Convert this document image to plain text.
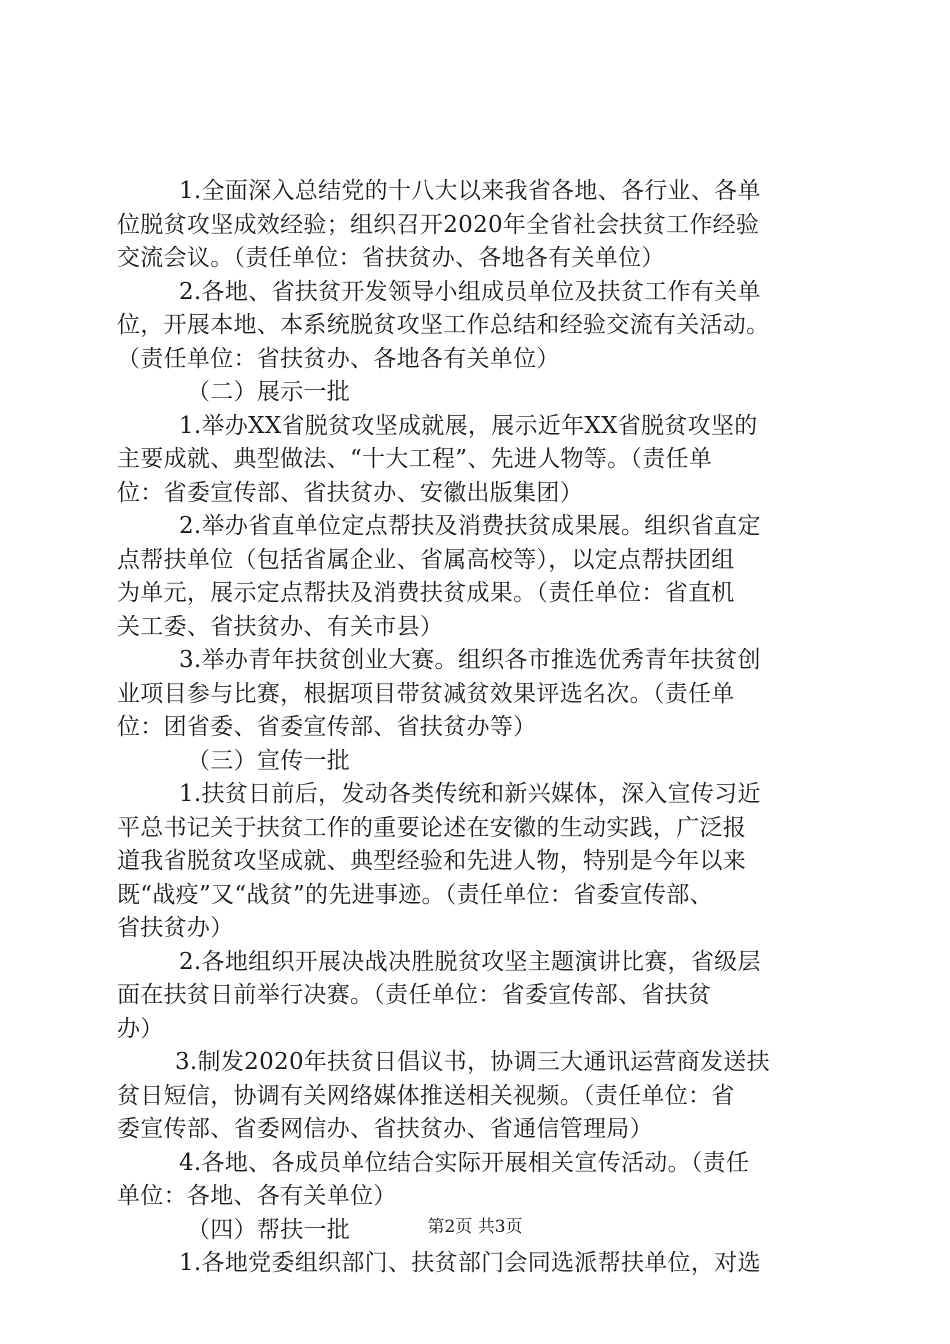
1.全面深入总结党的十八大以来我省各地、各行业、各单
位脱贫攻坚成效经验；组织召开2020年全省社会扶贫工作经验
交流会议。（责任单位：省扶贫办、各地各有关单位）
2.各地、省扶贫开发领导小组成员单位及扶贫工作有关单
位，开展本地、本系统脱贫攻坚工作总结和经验交流有关活动。
（责任单位：省扶贫办、各地各有关单位）
（二）展示一批
1.举办XX省脱贫攻坚成就展，展示近年XX省脱贫攻坚的
主要成就、典型做法、“十大工程”、先进人物等。（责任单
位：省委宣传部、省扶贫办、安徽出版集团）
2.举办省直单位定点帮扶及消费扶贫成果展。组织省直定
点帮扶单位（包括省属企业、省属高校等），以定点帮扶团组
为单元，展示定点帮扶及消费扶贫成果。（责任单位：省直机
关工委、省扶贫办、有关市县）
3.举办青年扶贫创业大赛。组织各市推选优秀青年扶贫创
业项目参与比赛，根据项目带贫减贫效果评选名次。（责任单
位：团省委、省委宣传部、省扶贫办等）
（三）宣传一批
1.扶贫日前后，发动各类传统和新兴媒体，深入宣传习近
平总书记关于扶贫工作的重要论述在安徽的生动实践，广泛报
道我省脱贫攻坚成就、典型经验和先进人物，特别是今年以来
既“战疫”又“战贫”的先进事迹。（责任单位：省委宣传部、
省扶贫办）
2.各地组织开展决战决胜脱贫攻坚主题演讲比赛，省级层
面在扶贫日前举行决赛。（责任单位：省委宣传部、省扶贫
办）
3.制发2020年扶贫日倡议书，协调三大通讯运营商发送扶
贫日短信，协调有关网络媒体推送相关视频。（责任单位：省
委宣传部、省委网信办、省扶贫办、省通信管理局）
4.各地、各成员单位结合实际开展相关宣传活动。（责任
单位：各地、各有关单位）
（四）帮扶一批
1.各地党委组织部门、扶贫部门会同选派帮扶单位，对选
第2页 共3页
